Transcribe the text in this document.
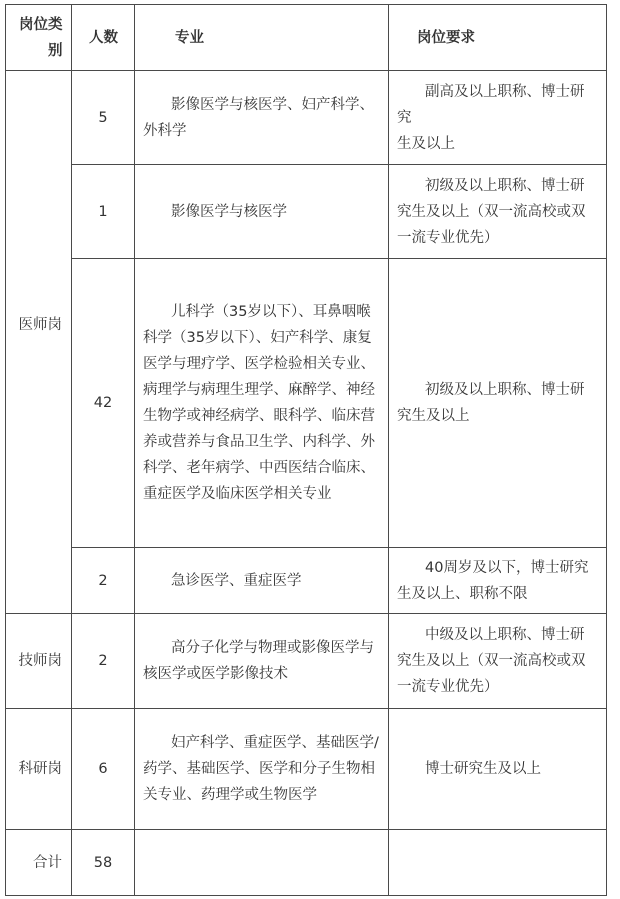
岗位类别	人数	专业	岗位要求

医师岗	5	影像医学与核医学、妇产科学、外科学	副高及以上职称、博士研究
生及以上

	1	影像医学与核医学	初级及以上职称、博士研究生及以上（双一流高校或双一流专业优先）

	42	儿科学（35岁以下）、耳鼻咽喉科学（35岁以下）、妇产科学、康复医学与理疗学、医学检验相关专业、病理学与病理生理学、麻醉学、神经生物学或神经病学、眼科学、临床营养或营养与食品卫生学、内科学、外科学、老年病学、中西医结合临床、重症医学及临床医学相关专业	初级及以上职称、博士研
究生及以上

	2	急诊医学、重症医学	40周岁及以下，博士研究生及以上、职称不限

技师岗	2	高分子化学与物理或影像医学与核医学或医学影像技术	中级及以上职称、博士研究生及以上（双一流高校或双一流专业优先）

科研岗	6	妇产科学、重症医学、基础医学/药学、基础医学、医学和分子生物相关专业、药理学或生物医学	博士研究生及以上

合计	58		
